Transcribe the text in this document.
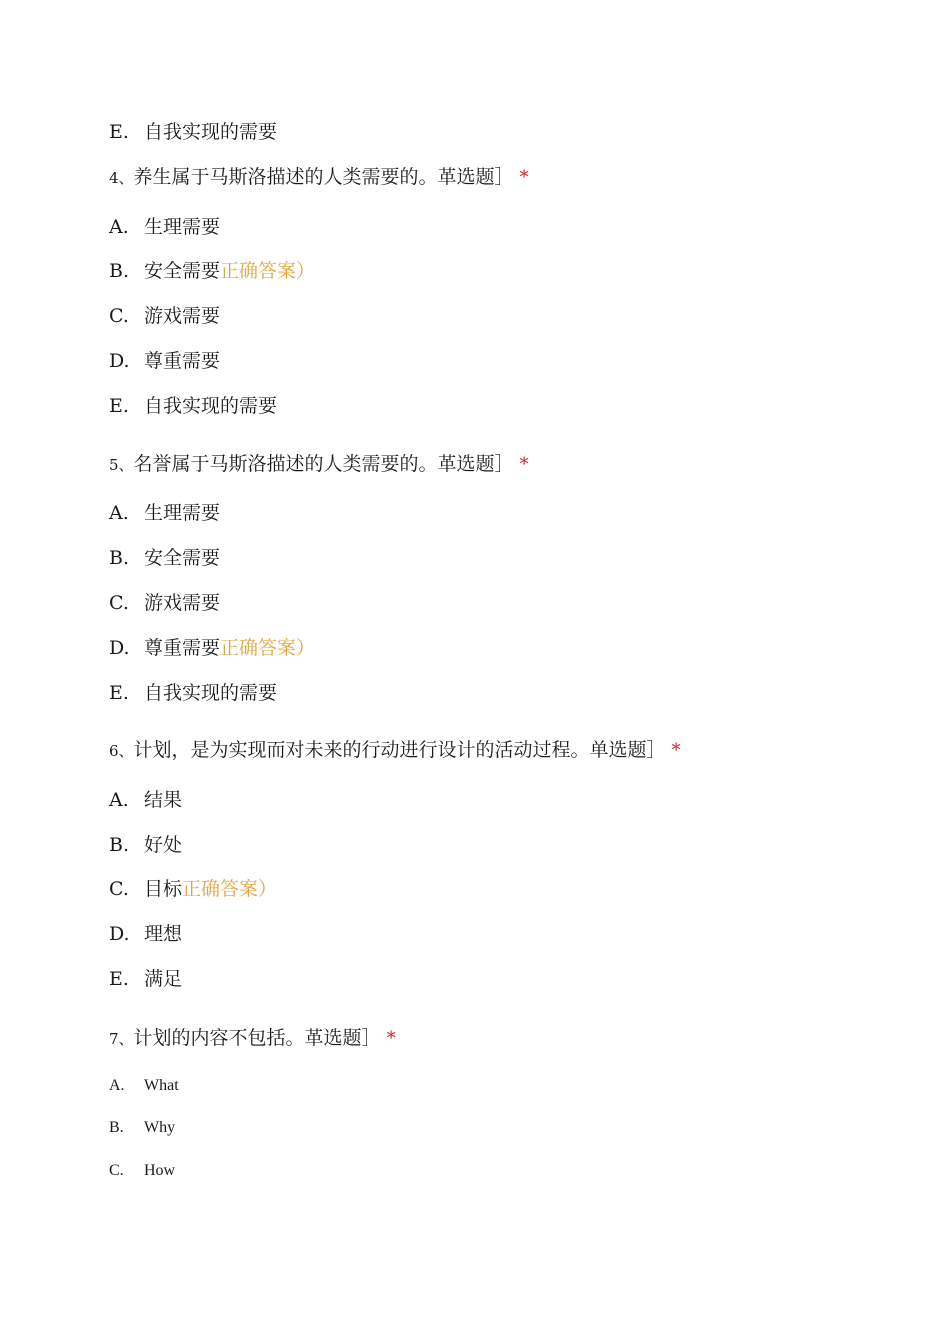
E. 自我实现的需要
4、养生属于马斯洛描述的人类需要的。革选题］ *
A. 生理需要
B. 安全需要正确答案）
C. 游戏需要
D. 尊重需要
E. 自我实现的需要
5、名誉属于马斯洛描述的人类需要的。革选题］ *
A. 生理需要
B. 安全需要
C. 游戏需要
D. 尊重需要正确答案）
E. 自我实现的需要
6、计划，是为实现而对未来的行动进行设计的活动过程。单选题］ *
A. 结果
B. 好处
C. 目标正确答案）
D. 理想
E. 满足
7、计划的内容不包括。革选题］ *
A. What
B. Why
C. How
